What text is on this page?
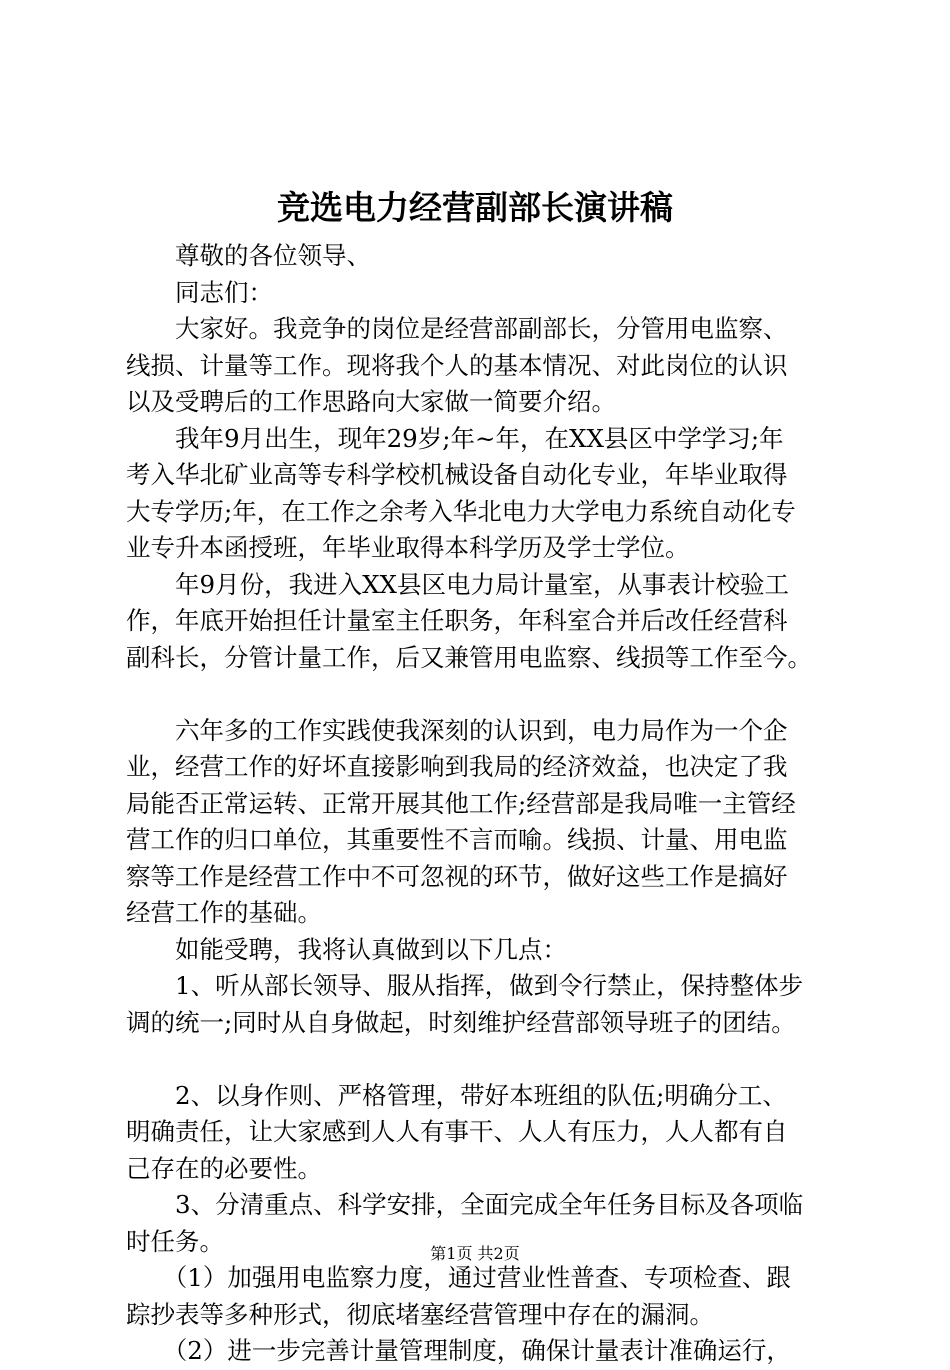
竞选电力经营副部长演讲稿
　　尊敬的各位领导、
　　同志们：
　　大家好。我竞争的岗位是经营部副部长，分管用电监察、
线损、计量等工作。现将我个人的基本情况、对此岗位的认识
以及受聘后的工作思路向大家做一简要介绍。
　　我年9月出生，现年29岁;年~年，在XX县区中学学习;年
考入华北矿业高等专科学校机械设备自动化专业，年毕业取得
大专学历;年，在工作之余考入华北电力大学电力系统自动化专
业专升本函授班，年毕业取得本科学历及学士学位。
　　年9月份，我进入XX县区电力局计量室，从事表计校验工
作，年底开始担任计量室主任职务，年科室合并后改任经营科
副科长，分管计量工作，后又兼管用电监察、线损等工作至今。
　　六年多的工作实践使我深刻的认识到，电力局作为一个企
业，经营工作的好坏直接影响到我局的经济效益，也决定了我
局能否正常运转、正常开展其他工作;经营部是我局唯一主管经
营工作的归口单位，其重要性不言而喻。线损、计量、用电监
察等工作是经营工作中不可忽视的环节，做好这些工作是搞好
经营工作的基础。
　　如能受聘，我将认真做到以下几点：
　　1、听从部长领导、服从指挥，做到令行禁止，保持整体步
调的统一;同时从自身做起，时刻维护经营部领导班子的团结。
　　2、以身作则、严格管理，带好本班组的队伍;明确分工、
明确责任，让大家感到人人有事干、人人有压力，人人都有自
己存在的必要性。
　　3、分清重点、科学安排，全面完成全年任务目标及各项临
时任务。
　　（1）加强用电监察力度，通过营业性普查、专项检查、跟
踪抄表等多种形式，彻底堵塞经营管理中存在的漏洞。
　　（2）进一步完善计量管理制度，确保计量表计准确运行，
第1页 共2页
